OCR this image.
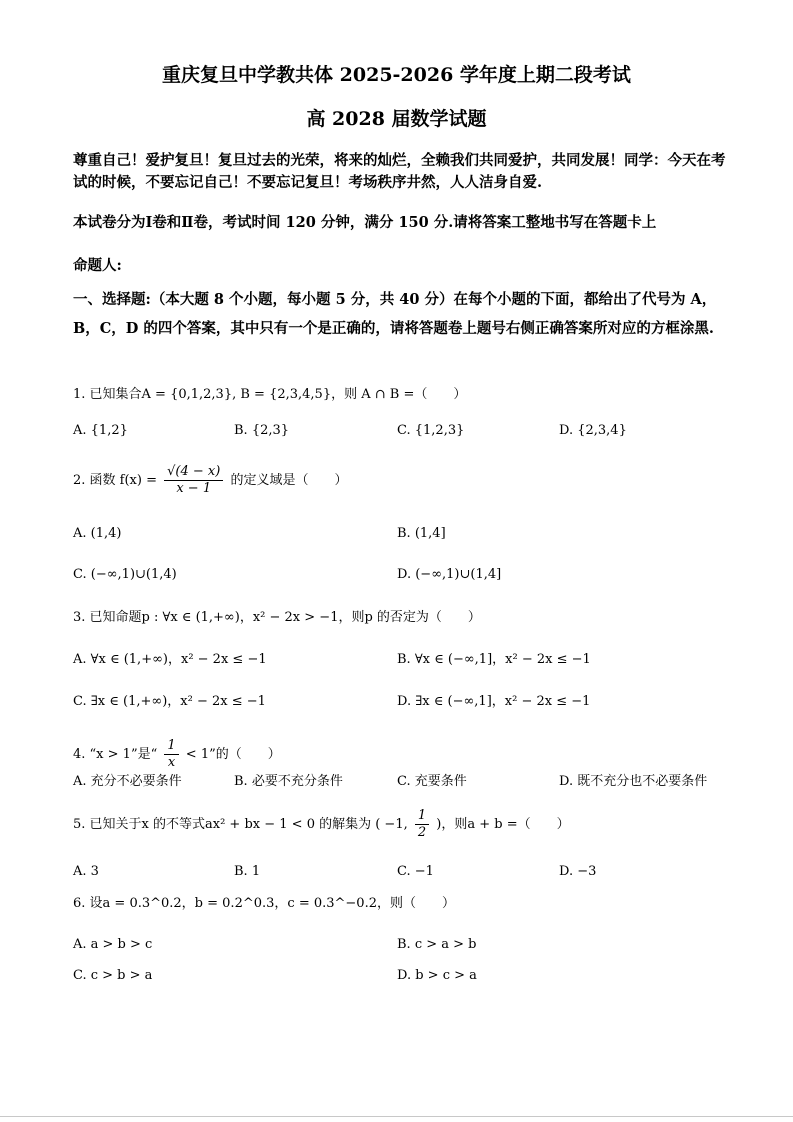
重庆复旦中学教共体 2025-2026 学年度上期二段考试
高 2028 届数学试题
尊重自己！爱护复旦！复旦过去的光荣，将来的灿烂，全赖我们共同爱护，共同发展！同学：今天在考试的时候，不要忘记自己！不要忘记复旦！考场秩序井然，人人洁身自爱.
本试卷分为Ⅰ卷和Ⅱ卷，考试时间 120 分钟，满分 150 分.请将答案工整地书写在答题卡上
命题人:
一、选择题:（本大题 8 个小题，每小题 5 分，共 40 分）在每个小题的下面，都给出了代号为 A，B，C，D 的四个答案，其中只有一个是正确的，请将答题卷上题号右侧正确答案所对应的方框涂黑.
1. 已知集合A = {0,1,2,3}, B = {2,3,4,5}，则 A ∩ B =（　　）
A. {1,2}	B. {2,3}	C. {1,2,3}	D. {2,3,4}
2. 函数 $f(x) = \frac{√(4 - x)}{x - 1}$ 的定义域是（　　）
A. (1,4)	B. (1,4]
C. (−∞,1)∪(1,4)	D. (−∞,1)∪(1,4]
3. 已知命题p : ∀x ∈ (1,+∞)，x² − 2x > −1，则p 的否定为（　　）
A. ∀x ∈ (1,+∞)，x² − 2x ≤ −1	B. ∀x ∈ (−∞,1]，x² − 2x ≤ −1
C. ∃x ∈ (1,+∞)，x² − 2x ≤ −1	D. ∃x ∈ (−∞,1]，x² − 2x ≤ −1
4. “x > 1”是“ $\frac{1}{x} < 1$”的（　　）
A. 充分不必要条件	B. 必要不充分条件	C. 充要条件	D. 既不充分也不必要条件
5. 已知关于x 的不等式ax² + bx − 1 < 0 的解集为 ( −1, $\frac{1}{2}$ )，则a + b =（　　）
A. 3	B. 1	C. −1	D. −3
6. 设a = 0.3^0.2，b = 0.2^0.3，c = 0.3^−0.2，则（　　）
A. a > b > c	B. c > a > b
C. c > b > a	D. b > c > a
